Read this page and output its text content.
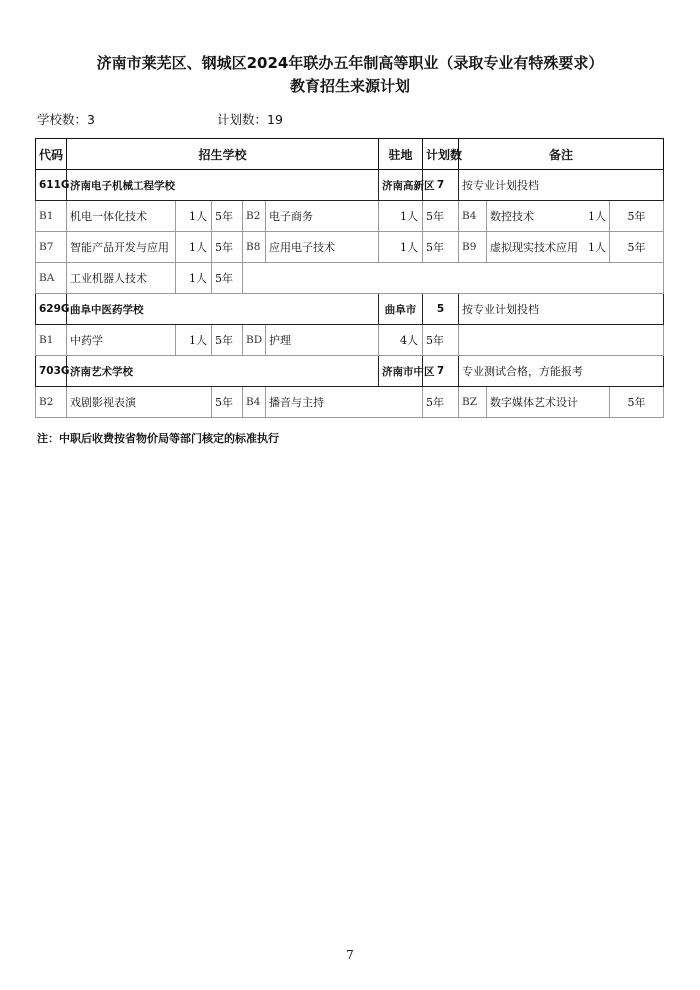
济南市莱芜区、钢城区2024年联办五年制高等职业（录取专业有特殊要求）
教育招生来源计划
学校数：3	计划数：19
代码	招生学校					驻地	计划数	备注		
611G	济南电子机械工程学校					济南高新区	7	按专业计划投档		
B1	机电一体化技术	1人	5年	B2	电子商务	1人	5年	B4	数控技术 1人	5年
B7	智能产品开发与应用	1人	5年	B8	应用电子技术	1人	5年	B9	虚拟现实技术应用 1人	5年
BA	工业机器人技术	1人	5年							
629G	曲阜中医药学校					曲阜市	5	按专业计划投档		
B1	中药学	1人	5年	BD	护理	4人	5年			
703G	济南艺术学校					济南市中区	7	专业测试合格，方能报考		
B2	戏剧影视表演		5年	B4	播音与主持		5年	BZ	数字媒体艺术设计	5年
注：中职后收费按省物价局等部门核定的标准执行
7
